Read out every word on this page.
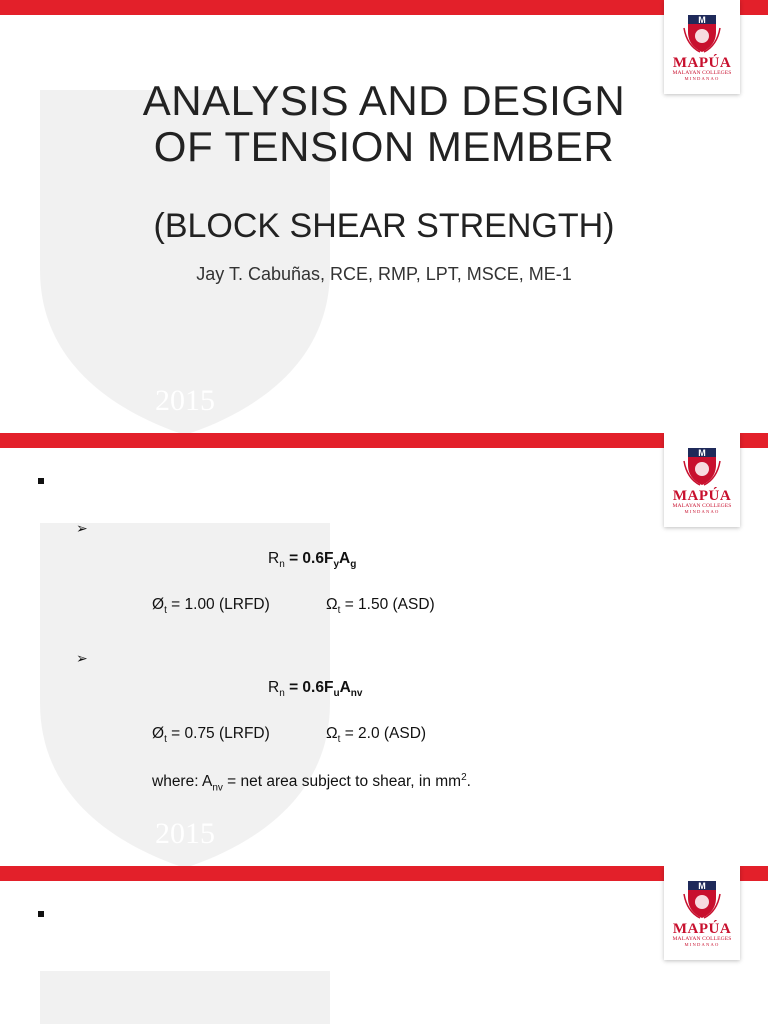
2015
M
MAPÚA
MALAYAN COLLEGES
MINDANAO
ANALYSIS AND DESIGN
OF TENSION MEMBER
(BLOCK SHEAR STRENGTH)
Jay T. Cabuñas, RCE, RMP, LPT, MSCE, ME-1
2015
M
MAPÚA
MALAYAN COLLEGES
MINDANAO
➢
$R_n = 0.6F_yA_g$
$Ø_t = 1.00$ (LRFD)	$\Omega_t = 1.50$ (ASD)
➢
$R_n = 0.6F_uA_{nv}$
$Ø_t = 0.75$ (LRFD)	$\Omega_t = 2.0$ (ASD)
where: $A_{nv}$ = net area subject to shear, in $mm^2$.
M
MAPÚA
MALAYAN COLLEGES
MINDANAO
